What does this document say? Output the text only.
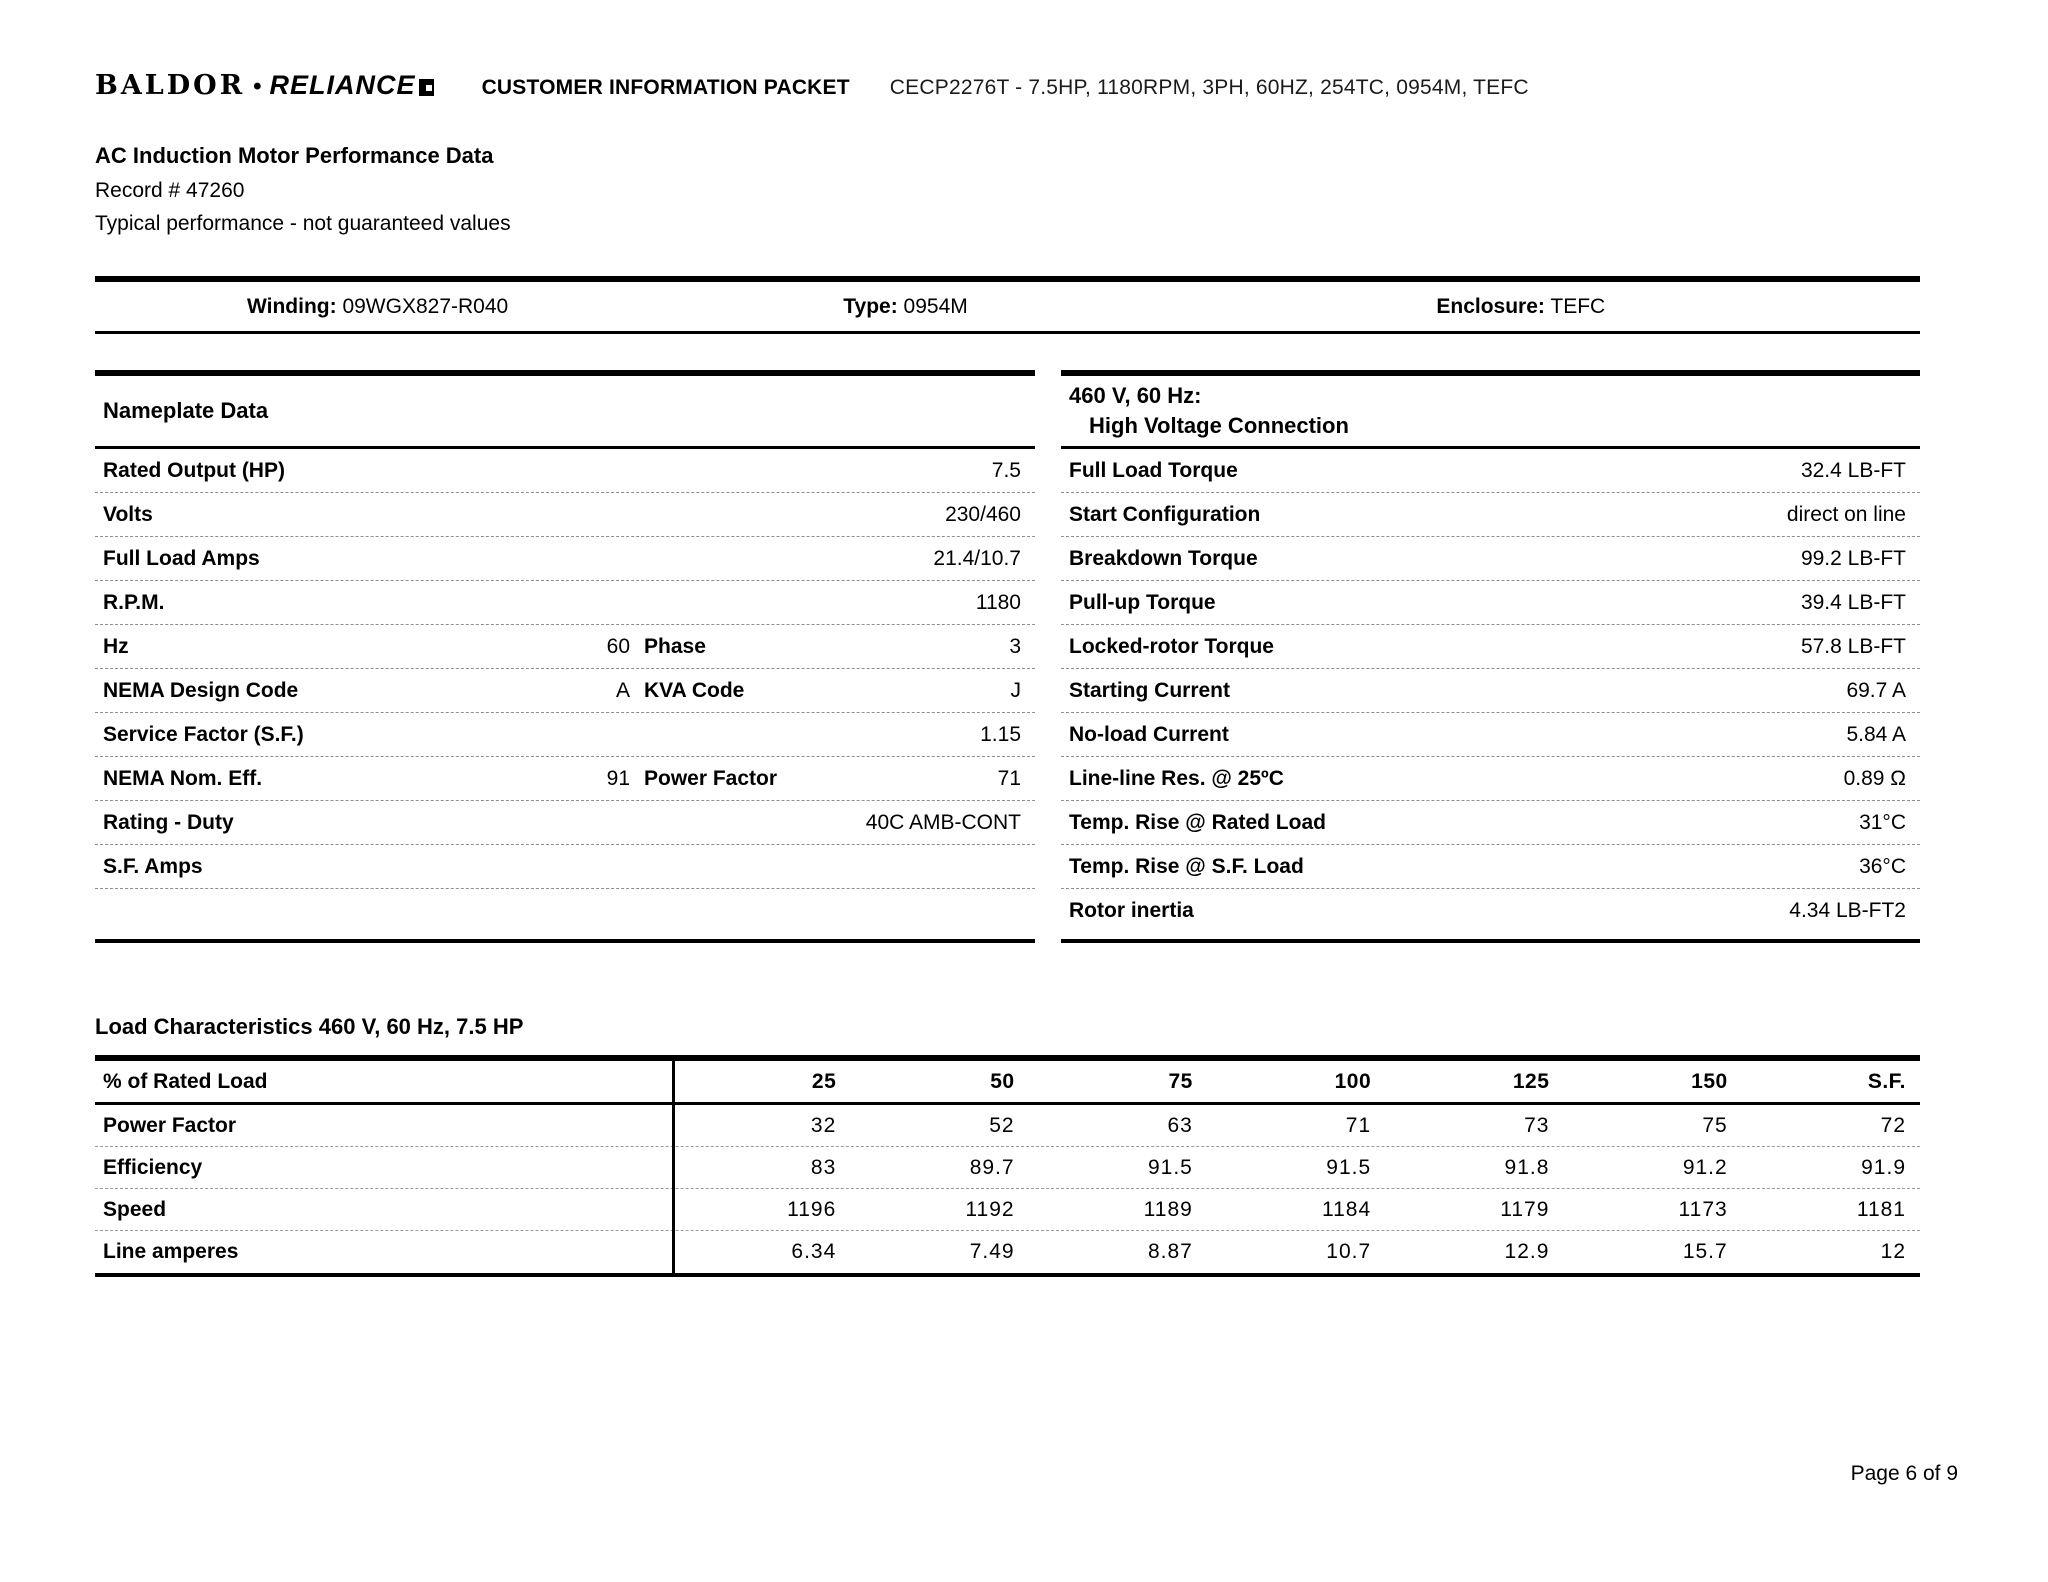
BALDOR • RELIANCE	CUSTOMER INFORMATION PACKET CECP2276T - 7.5HP, 1180RPM, 3PH, 60HZ, 254TC, 0954M, TEFC
AC Induction Motor Performance Data
Record # 47260
Typical performance - not guaranteed values
Winding: 09WGX827-R040	Type: 0954M	Enclosure: TEFC
Nameplate Data
Rated Output (HP)	7.5
Volts	230/460
Full Load Amps	21.4/10.7
R.P.M.	1180
Hz	60 Phase	3
NEMA Design Code	A KVA Code	J
Service Factor (S.F.)	1.15
NEMA Nom. Eff.	91 Power Factor	71
Rating - Duty	40C AMB-CONT
S.F. Amps
460 V, 60 Hz:
High Voltage Connection
Full Load Torque	32.4 LB-FT
Start Configuration	direct on line
Breakdown Torque	99.2 LB-FT
Pull-up Torque	39.4 LB-FT
Locked-rotor Torque	57.8 LB-FT
Starting Current	69.7 A
No-load Current	5.84 A
Line-line Res. @ 25ºC	0.89 Ω
Temp. Rise @ Rated Load	31°C
Temp. Rise @ S.F. Load	36°C
Rotor inertia	4.34 LB-FT2
Load Characteristics 460 V, 60 Hz, 7.5 HP
% of Rated Load	25	50	75	100	125	150	S.F.
Power Factor	32	52	63	71	73	75	72
Efficiency	83	89.7	91.5	91.5	91.8	91.2	91.9
Speed	1196	1192	1189	1184	1179	1173	1181
Line amperes	6.34	7.49	8.87	10.7	12.9	15.7	12
Page 6 of 9
